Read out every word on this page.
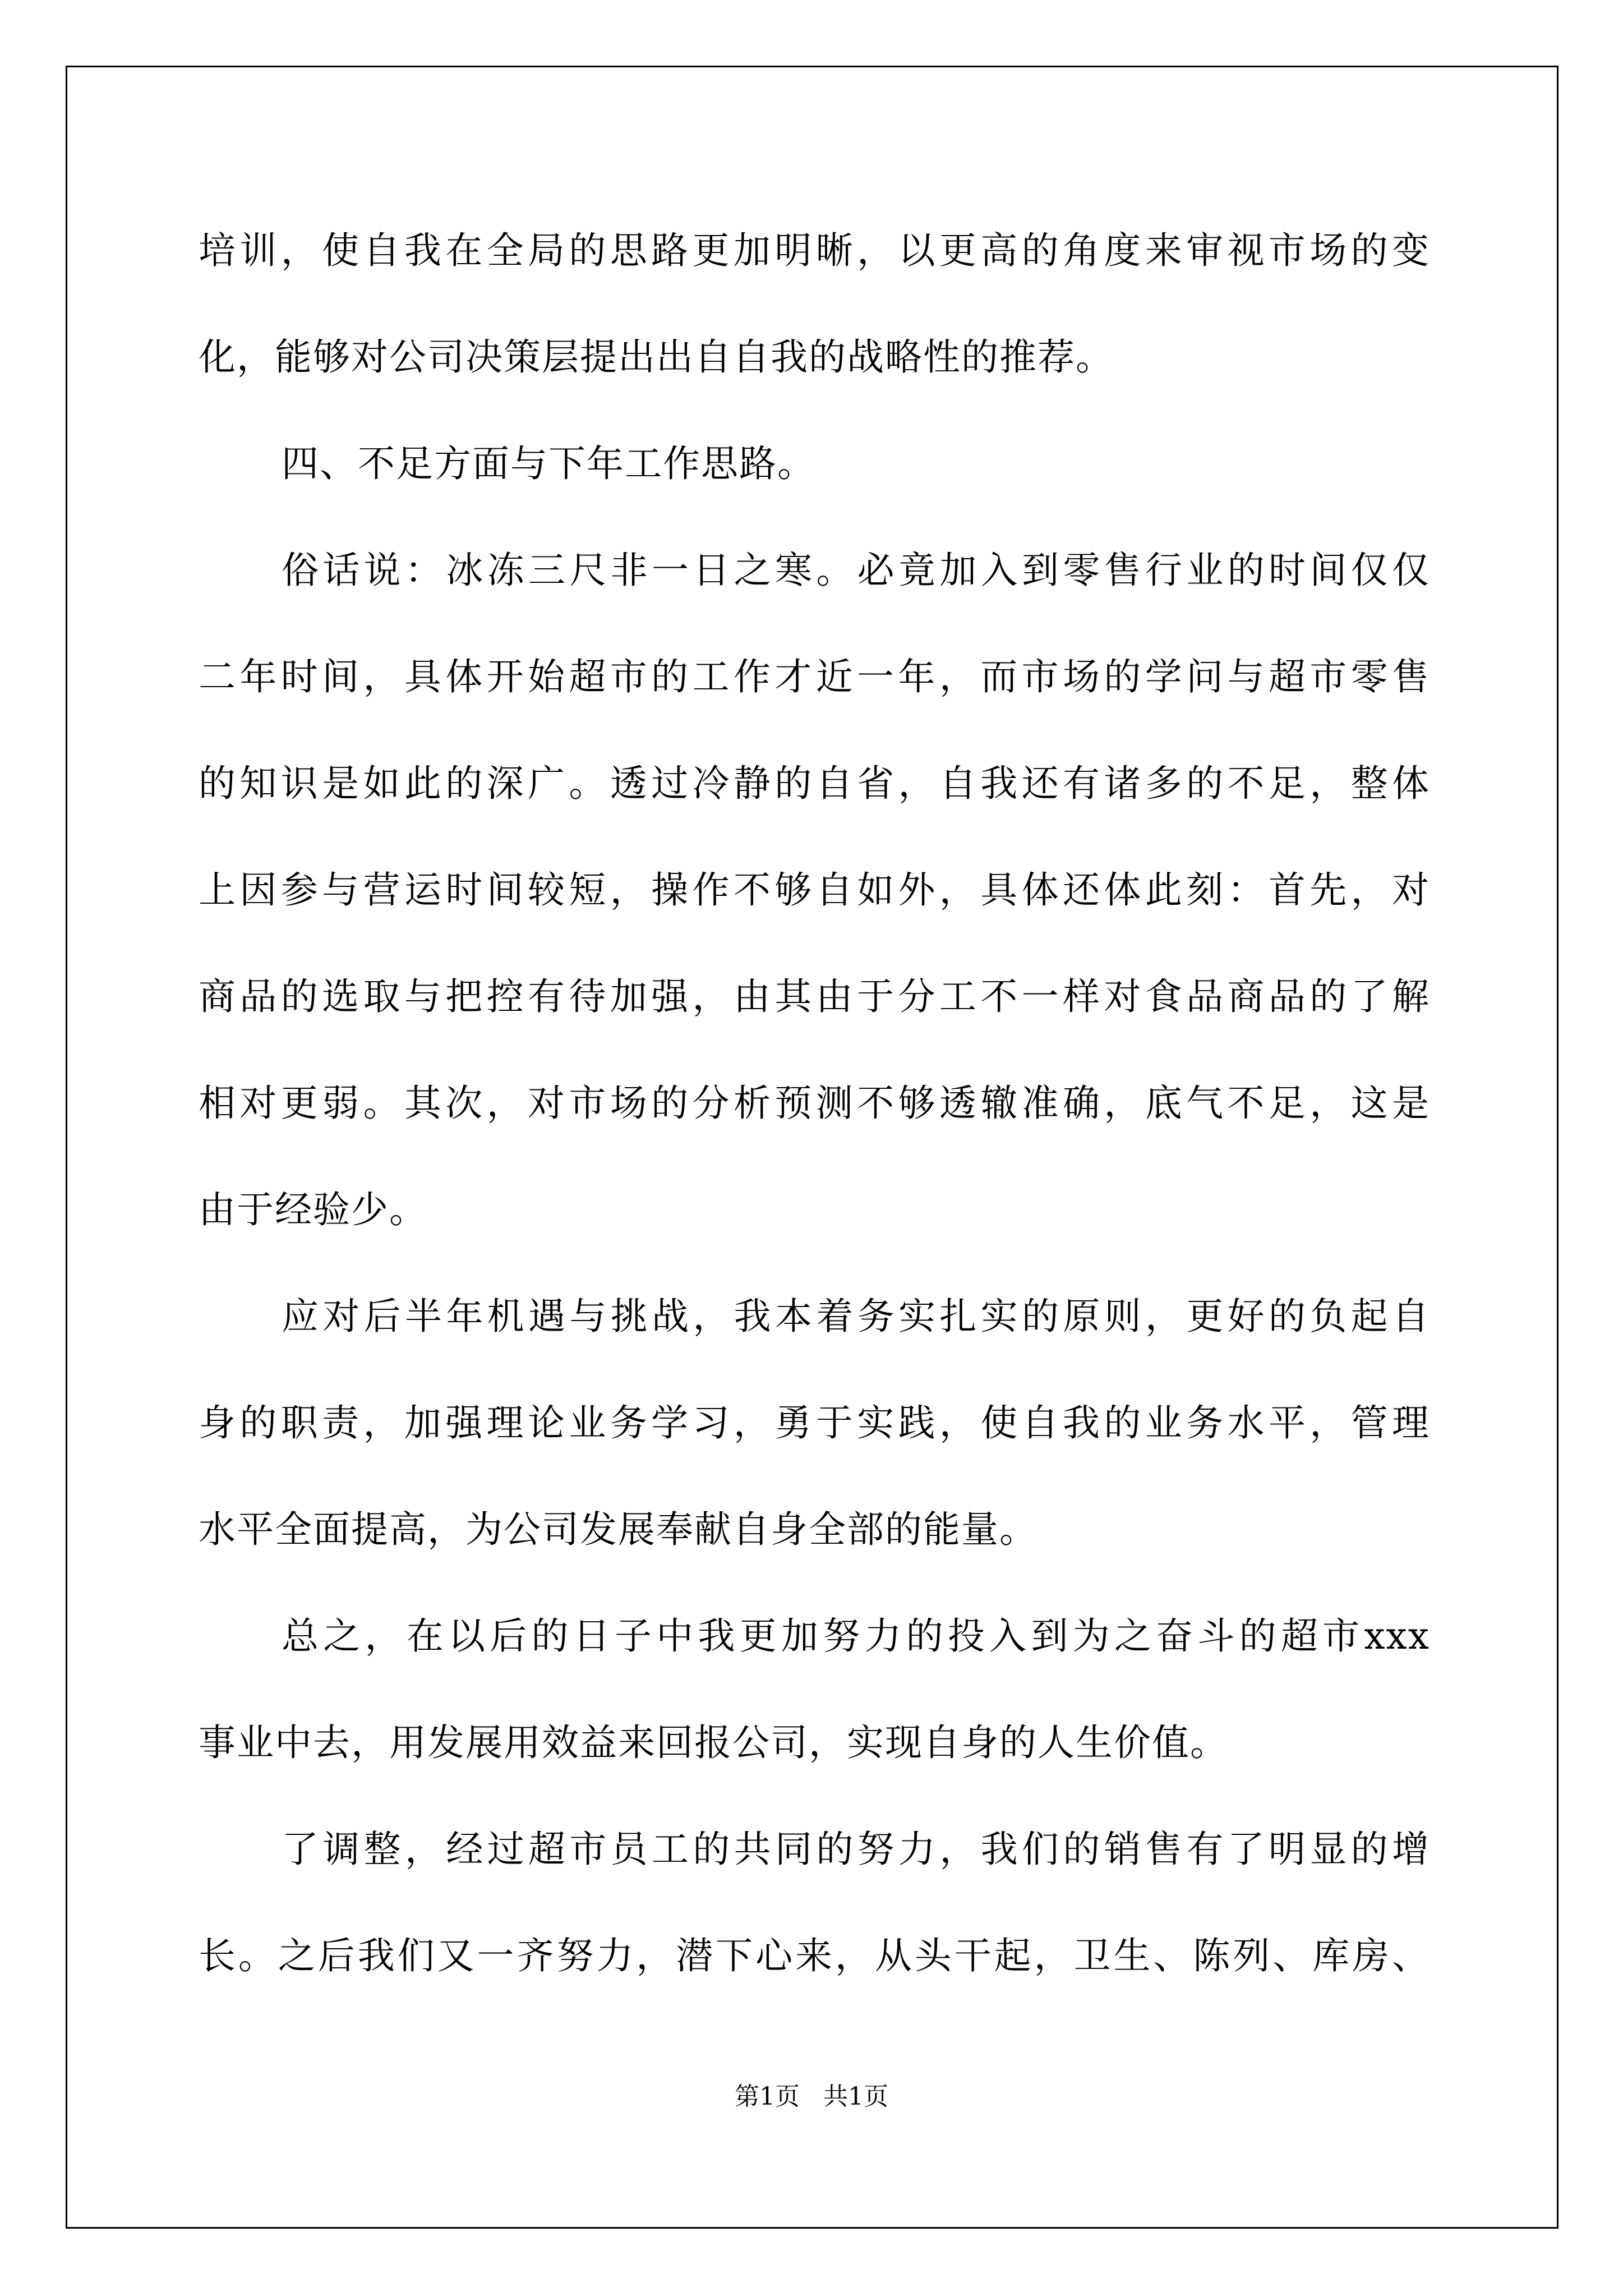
培训，使自我在全局的思路更加明晰，以更高的角度来审视市场的变
化，能够对公司决策层提出出自自我的战略性的推荐。
四、不足方面与下年工作思路。
俗话说：冰冻三尺非一日之寒。必竟加入到零售行业的时间仅仅
二年时间，具体开始超市的工作才近一年，而市场的学问与超市零售
的知识是如此的深广。透过冷静的自省，自我还有诸多的不足，整体
上因参与营运时间较短，操作不够自如外，具体还体此刻：首先，对
商品的选取与把控有待加强，由其由于分工不一样对食品商品的了解
相对更弱。其次，对市场的分析预测不够透辙准确，底气不足，这是
由于经验少。
应对后半年机遇与挑战，我本着务实扎实的原则，更好的负起自
身的职责，加强理论业务学习，勇于实践，使自我的业务水平，管理
水平全面提高，为公司发展奉献自身全部的能量。
总之，在以后的日子中我更加努力的投入到为之奋斗的超市xxx
事业中去，用发展用效益来回报公司，实现自身的人生价值。
了调整，经过超市员工的共同的努力，我们的销售有了明显的增
长。之后我们又一齐努力，潜下心来，从头干起，卫生、陈列、库房、
第1页   共1页
